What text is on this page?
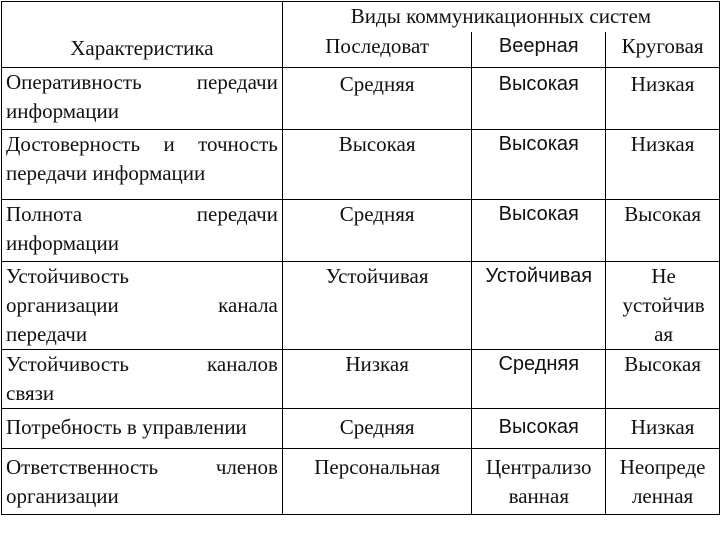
Характеристика	Виды коммуникационных систем		
	Последоват	Веерная	Круговая

Оперативность передачи
информации	Средняя	Высокая	Низкая

Достоверность и точность
передачи информации	Высокая	Высокая	Низкая

Полнота передачи
информации	Средняя	Высокая	Высокая

Устойчивость
организации канала
передачи	Устойчивая	Устойчивая	Не
устойчив
ая

Устойчивость каналов
связи	Низкая	Средняя	Высокая

Потребность в управлении	Средняя	Высокая	Низкая

Ответственность членов
организации	Персональная	Централизо
ванная	Неопреде
ленная
